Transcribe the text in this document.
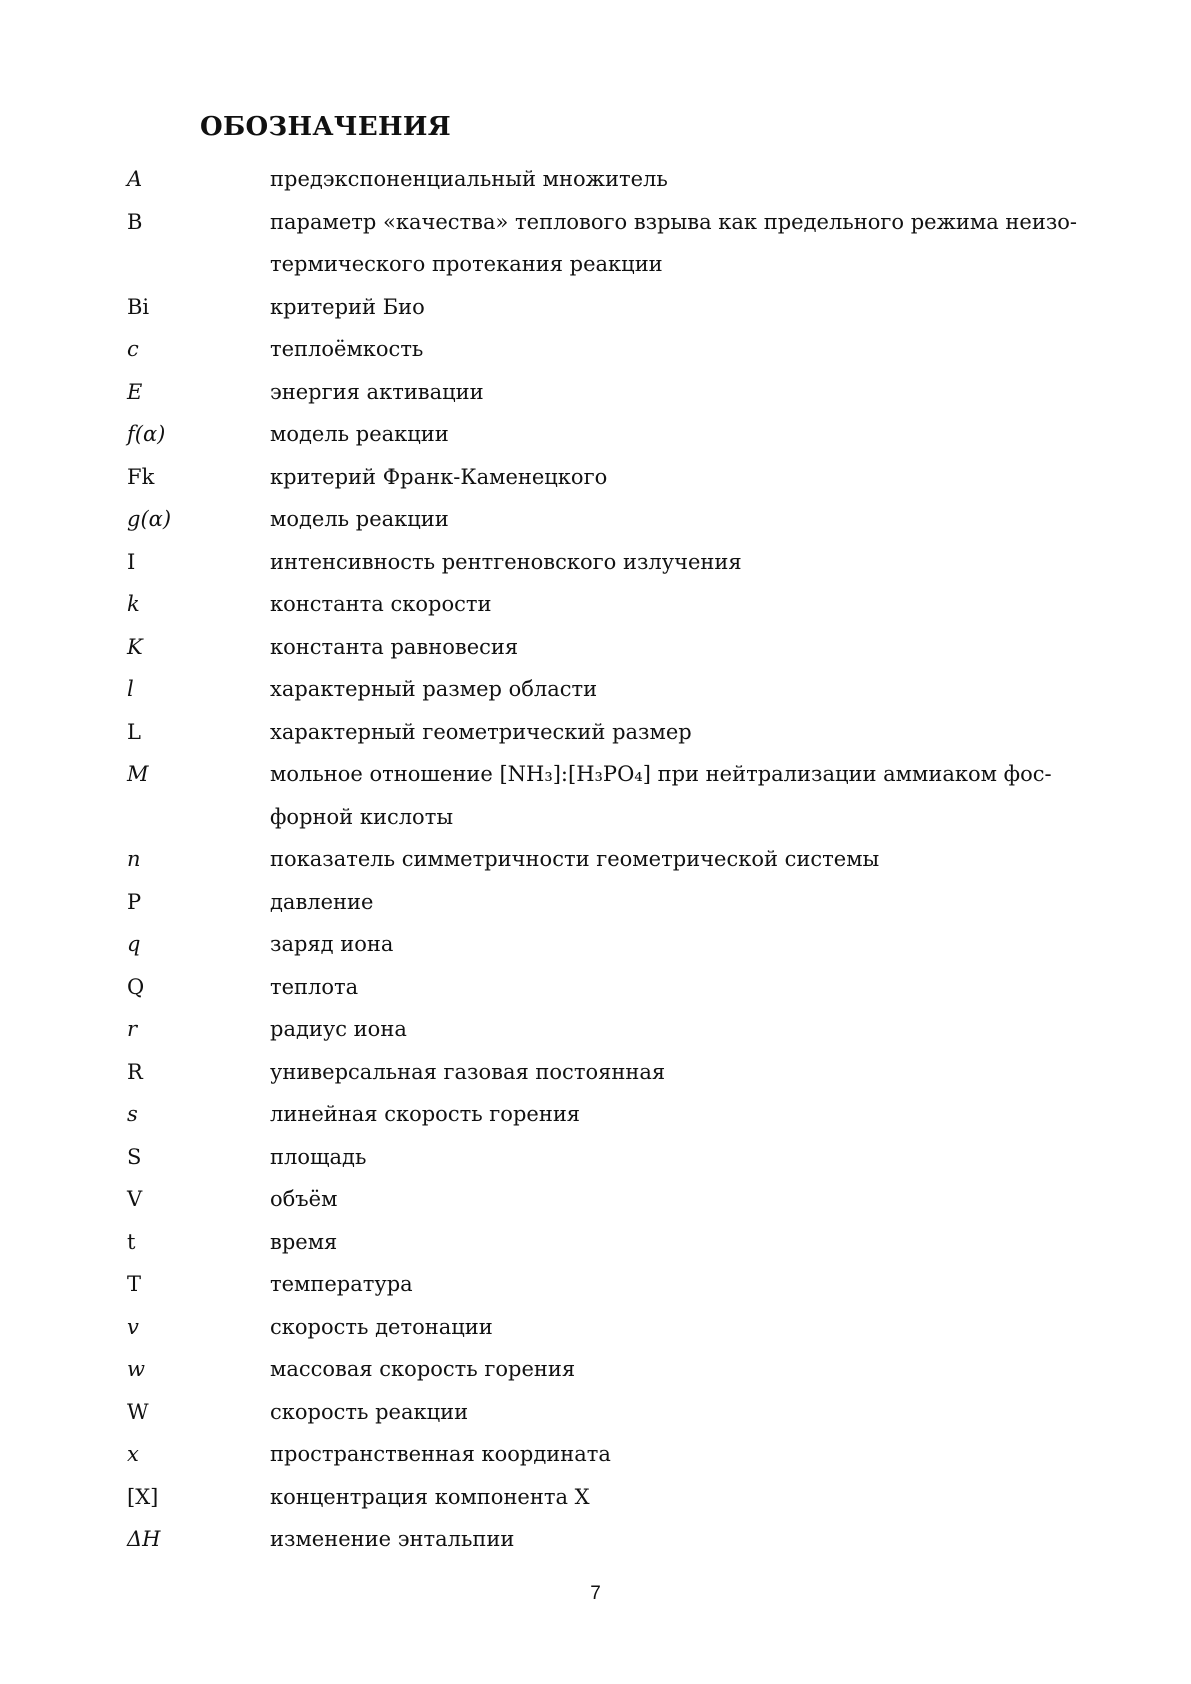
ОБОЗНАЧЕНИЯ
A	предэкспоненциальный множитель
B	параметр «качества» теплового взрыва как предельного режима неизо-
термического протекания реакции
Bi	критерий Био
c	теплоёмкость
E	энергия активации
f(α)	модель реакции
Fk	критерий Франк-Каменецкого
g(α)	модель реакции
I	интенсивность рентгеновского излучения
k	константа скорости
K	константа равновесия
l	характерный размер области
L	характерный геометрический размер
M	мольное отношение [NH₃]:[H₃PO₄] при нейтрализации аммиаком фос-
форной кислоты
n	показатель симметричности геометрической системы
P	давление
q	заряд иона
Q	теплота
r	радиус иона
R	универсальная газовая постоянная
s	линейная скорость горения
S	площадь
V	объём
t	время
T	температура
v	скорость детонации
w	массовая скорость горения
W	скорость реакции
x	пространственная координата
[X]	концентрация компонента X
ΔH	изменение энтальпии
7
